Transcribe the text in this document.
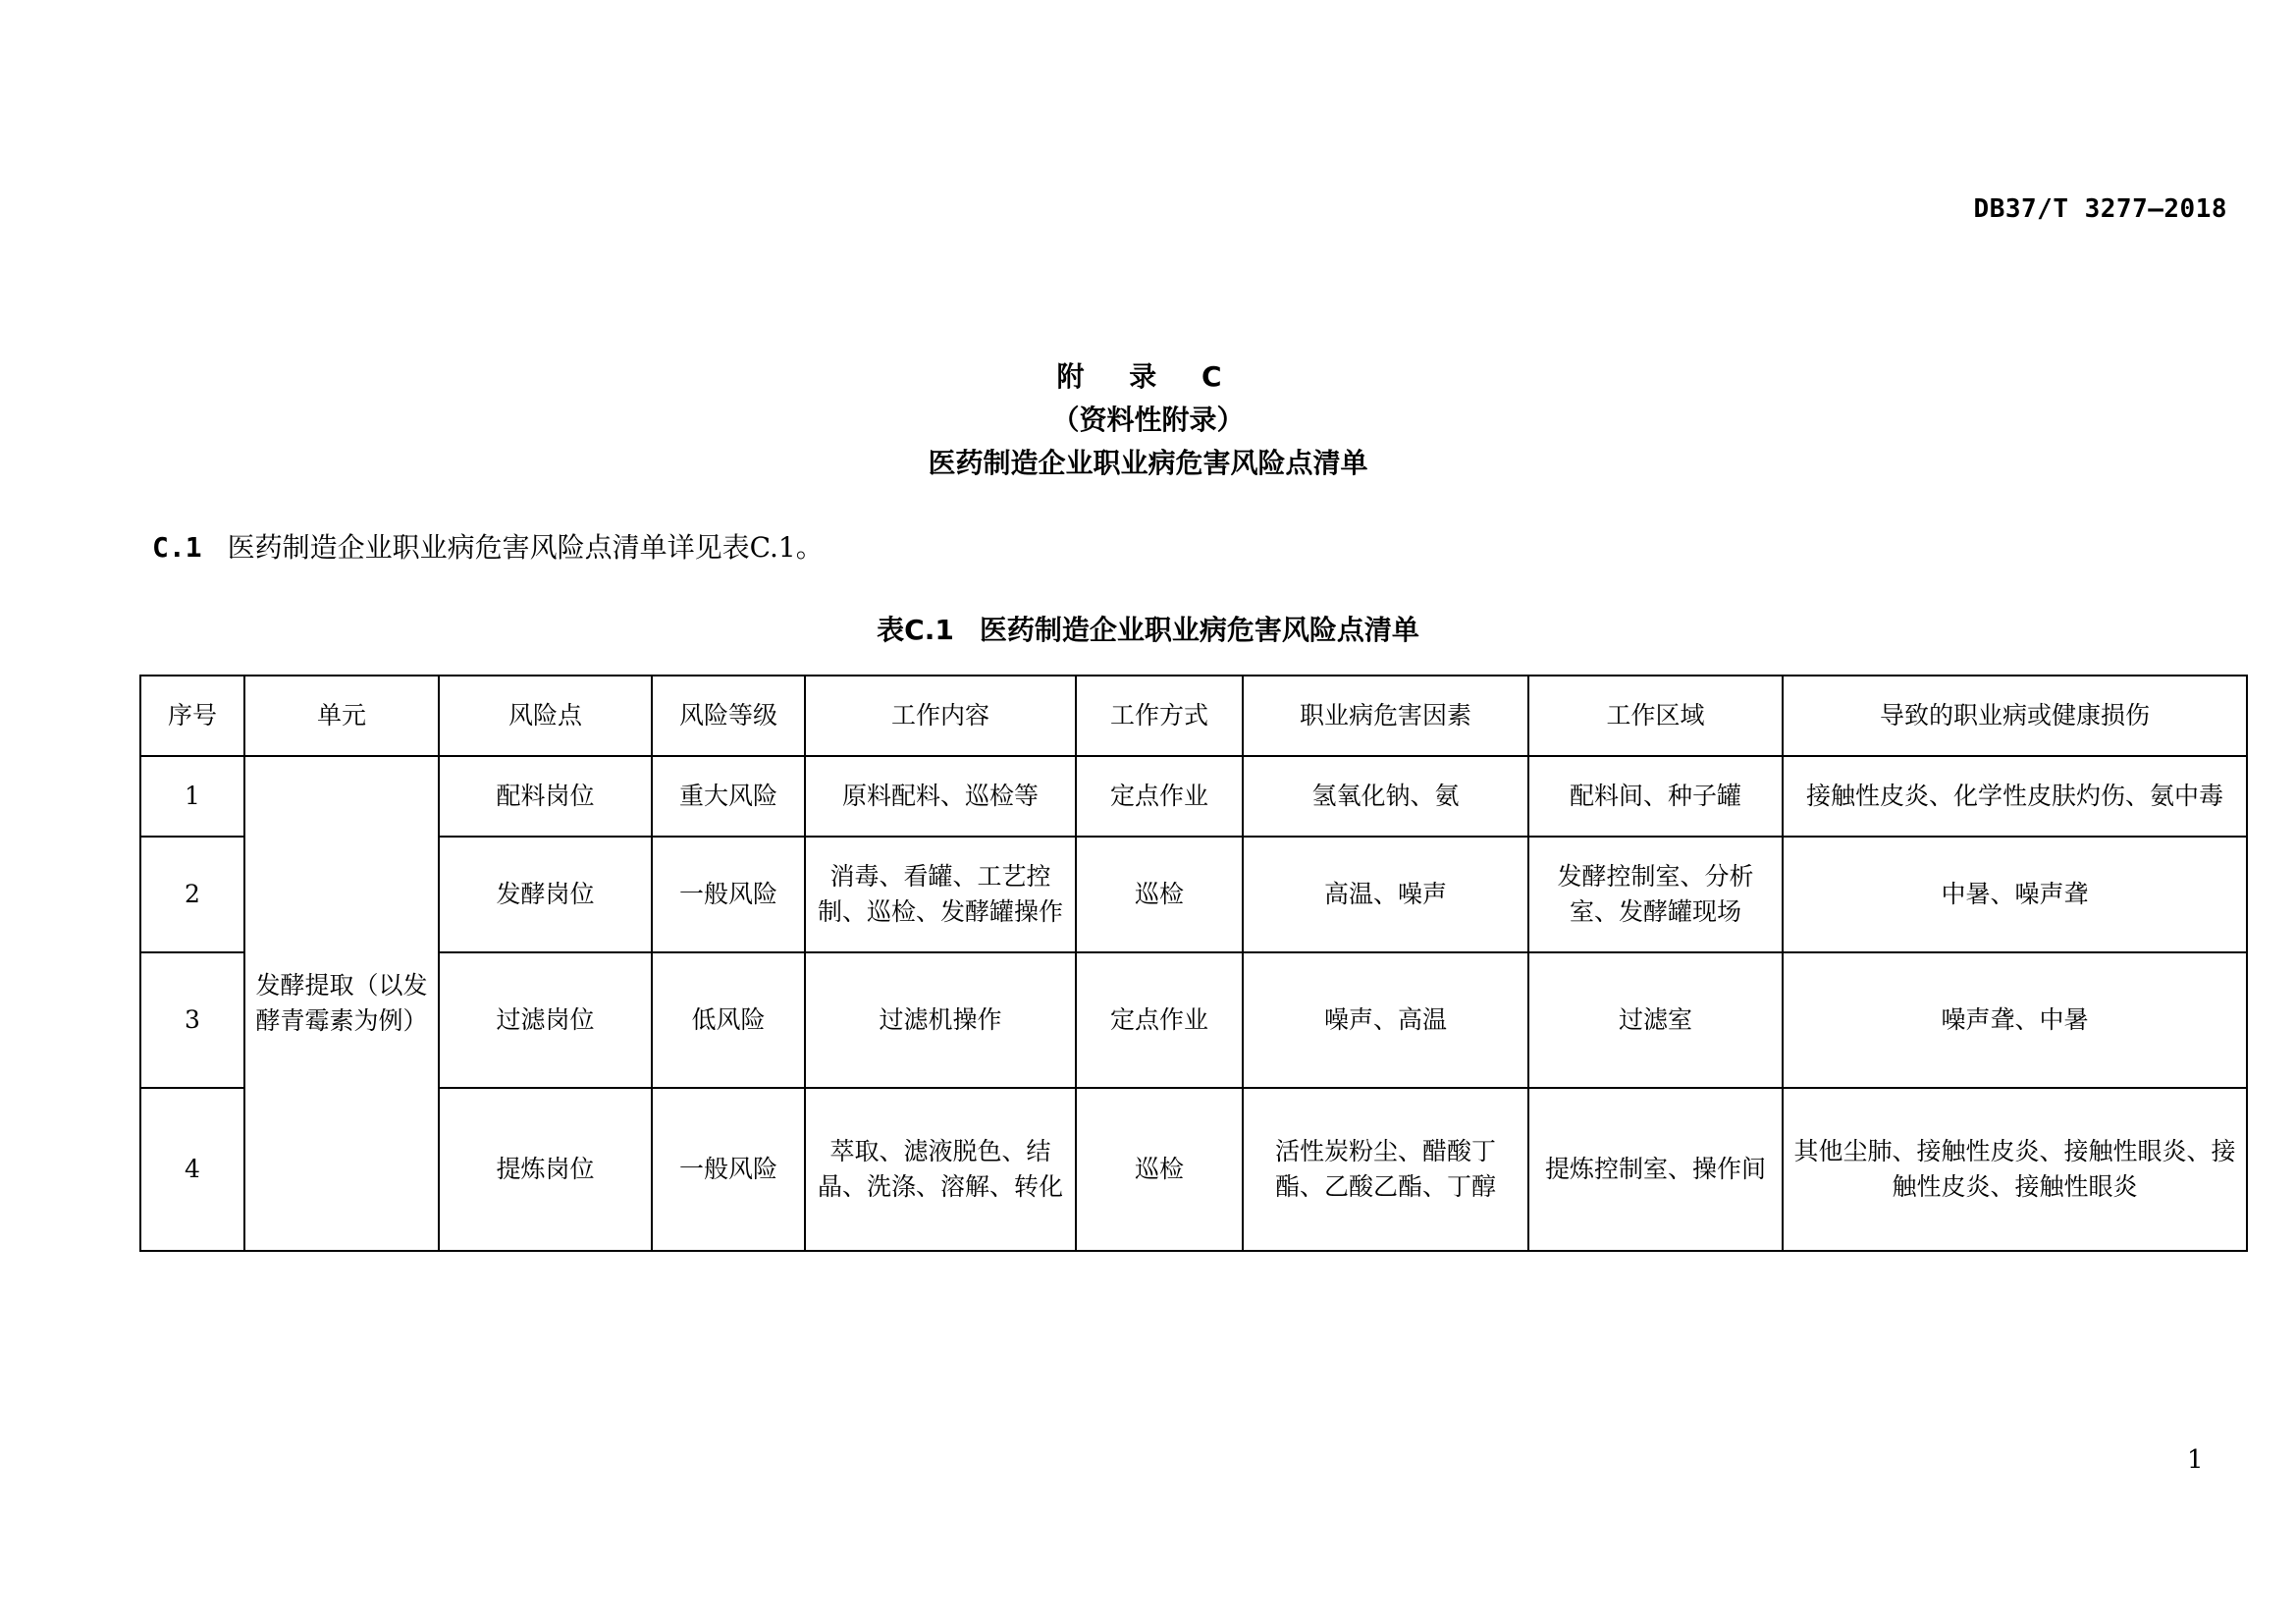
DB37/T 3277—2018
附 录 C
（资料性附录）
医药制造企业职业病危害风险点清单
C.1 医药制造企业职业病危害风险点清单详见表C.1。
表C.1 医药制造企业职业病危害风险点清单
序号	单元	风险点	风险等级	工作内容	工作方式	职业病危害因素	工作区域	导致的职业病或健康损伤
1	发酵提取（以发酵青霉素为例）	配料岗位	重大风险	原料配料、巡检等	定点作业	氢氧化钠、氨	配料间、种子罐	接触性皮炎、化学性皮肤灼伤、氨中毒
2		发酵岗位	一般风险	消毒、看罐、工艺控制、巡检、发酵罐操作	巡检	高温、噪声	发酵控制室、分析室、发酵罐现场	中暑、噪声聋
3		过滤岗位	低风险	过滤机操作	定点作业	噪声、高温	过滤室	噪声聋、中暑
4		提炼岗位	一般风险	萃取、滤液脱色、结晶、洗涤、溶解、转化	巡检	活性炭粉尘、醋酸丁酯、乙酸乙酯、丁醇	提炼控制室、操作间	其他尘肺、接触性皮炎、接触性眼炎、接触性皮炎、接触性眼炎
1
